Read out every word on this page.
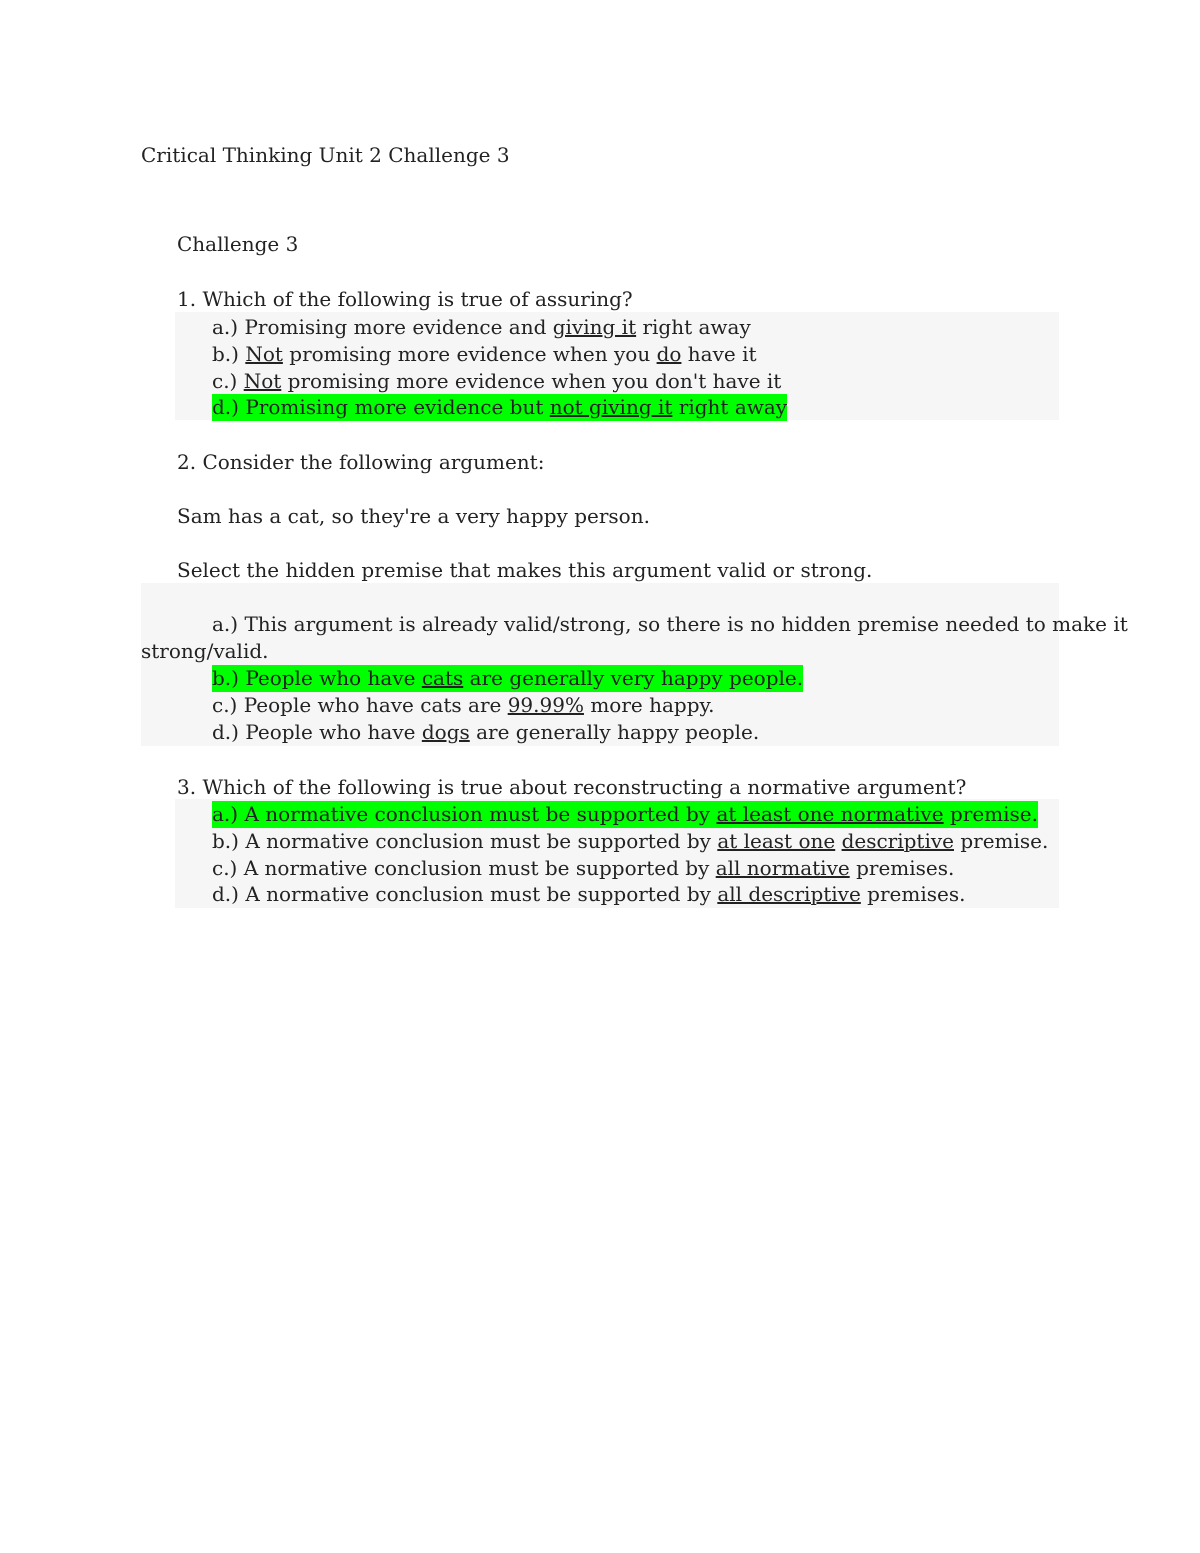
Critical Thinking Unit 2 Challenge 3
Challenge 3
1. Which of the following is true of assuring?
a.) Promising more evidence and giving it right away
b.) Not promising more evidence when you do have it
c.) Not promising more evidence when you don't have it
d.) Promising more evidence but not giving it right away
2. Consider the following argument:
Sam has a cat, so they're a very happy person.
Select the hidden premise that makes this argument valid or strong.
a.) This argument is already valid/strong, so there is no hidden premise needed to make it
strong/valid.
b.) People who have cats are generally very happy people.
c.) People who have cats are 99.99% more happy.
d.) People who have dogs are generally happy people.
3. Which of the following is true about reconstructing a normative argument?
a.) A normative conclusion must be supported by at least one normative premise.
b.) A normative conclusion must be supported by at least one descriptive premise.
c.) A normative conclusion must be supported by all normative premises.
d.) A normative conclusion must be supported by all descriptive premises.
